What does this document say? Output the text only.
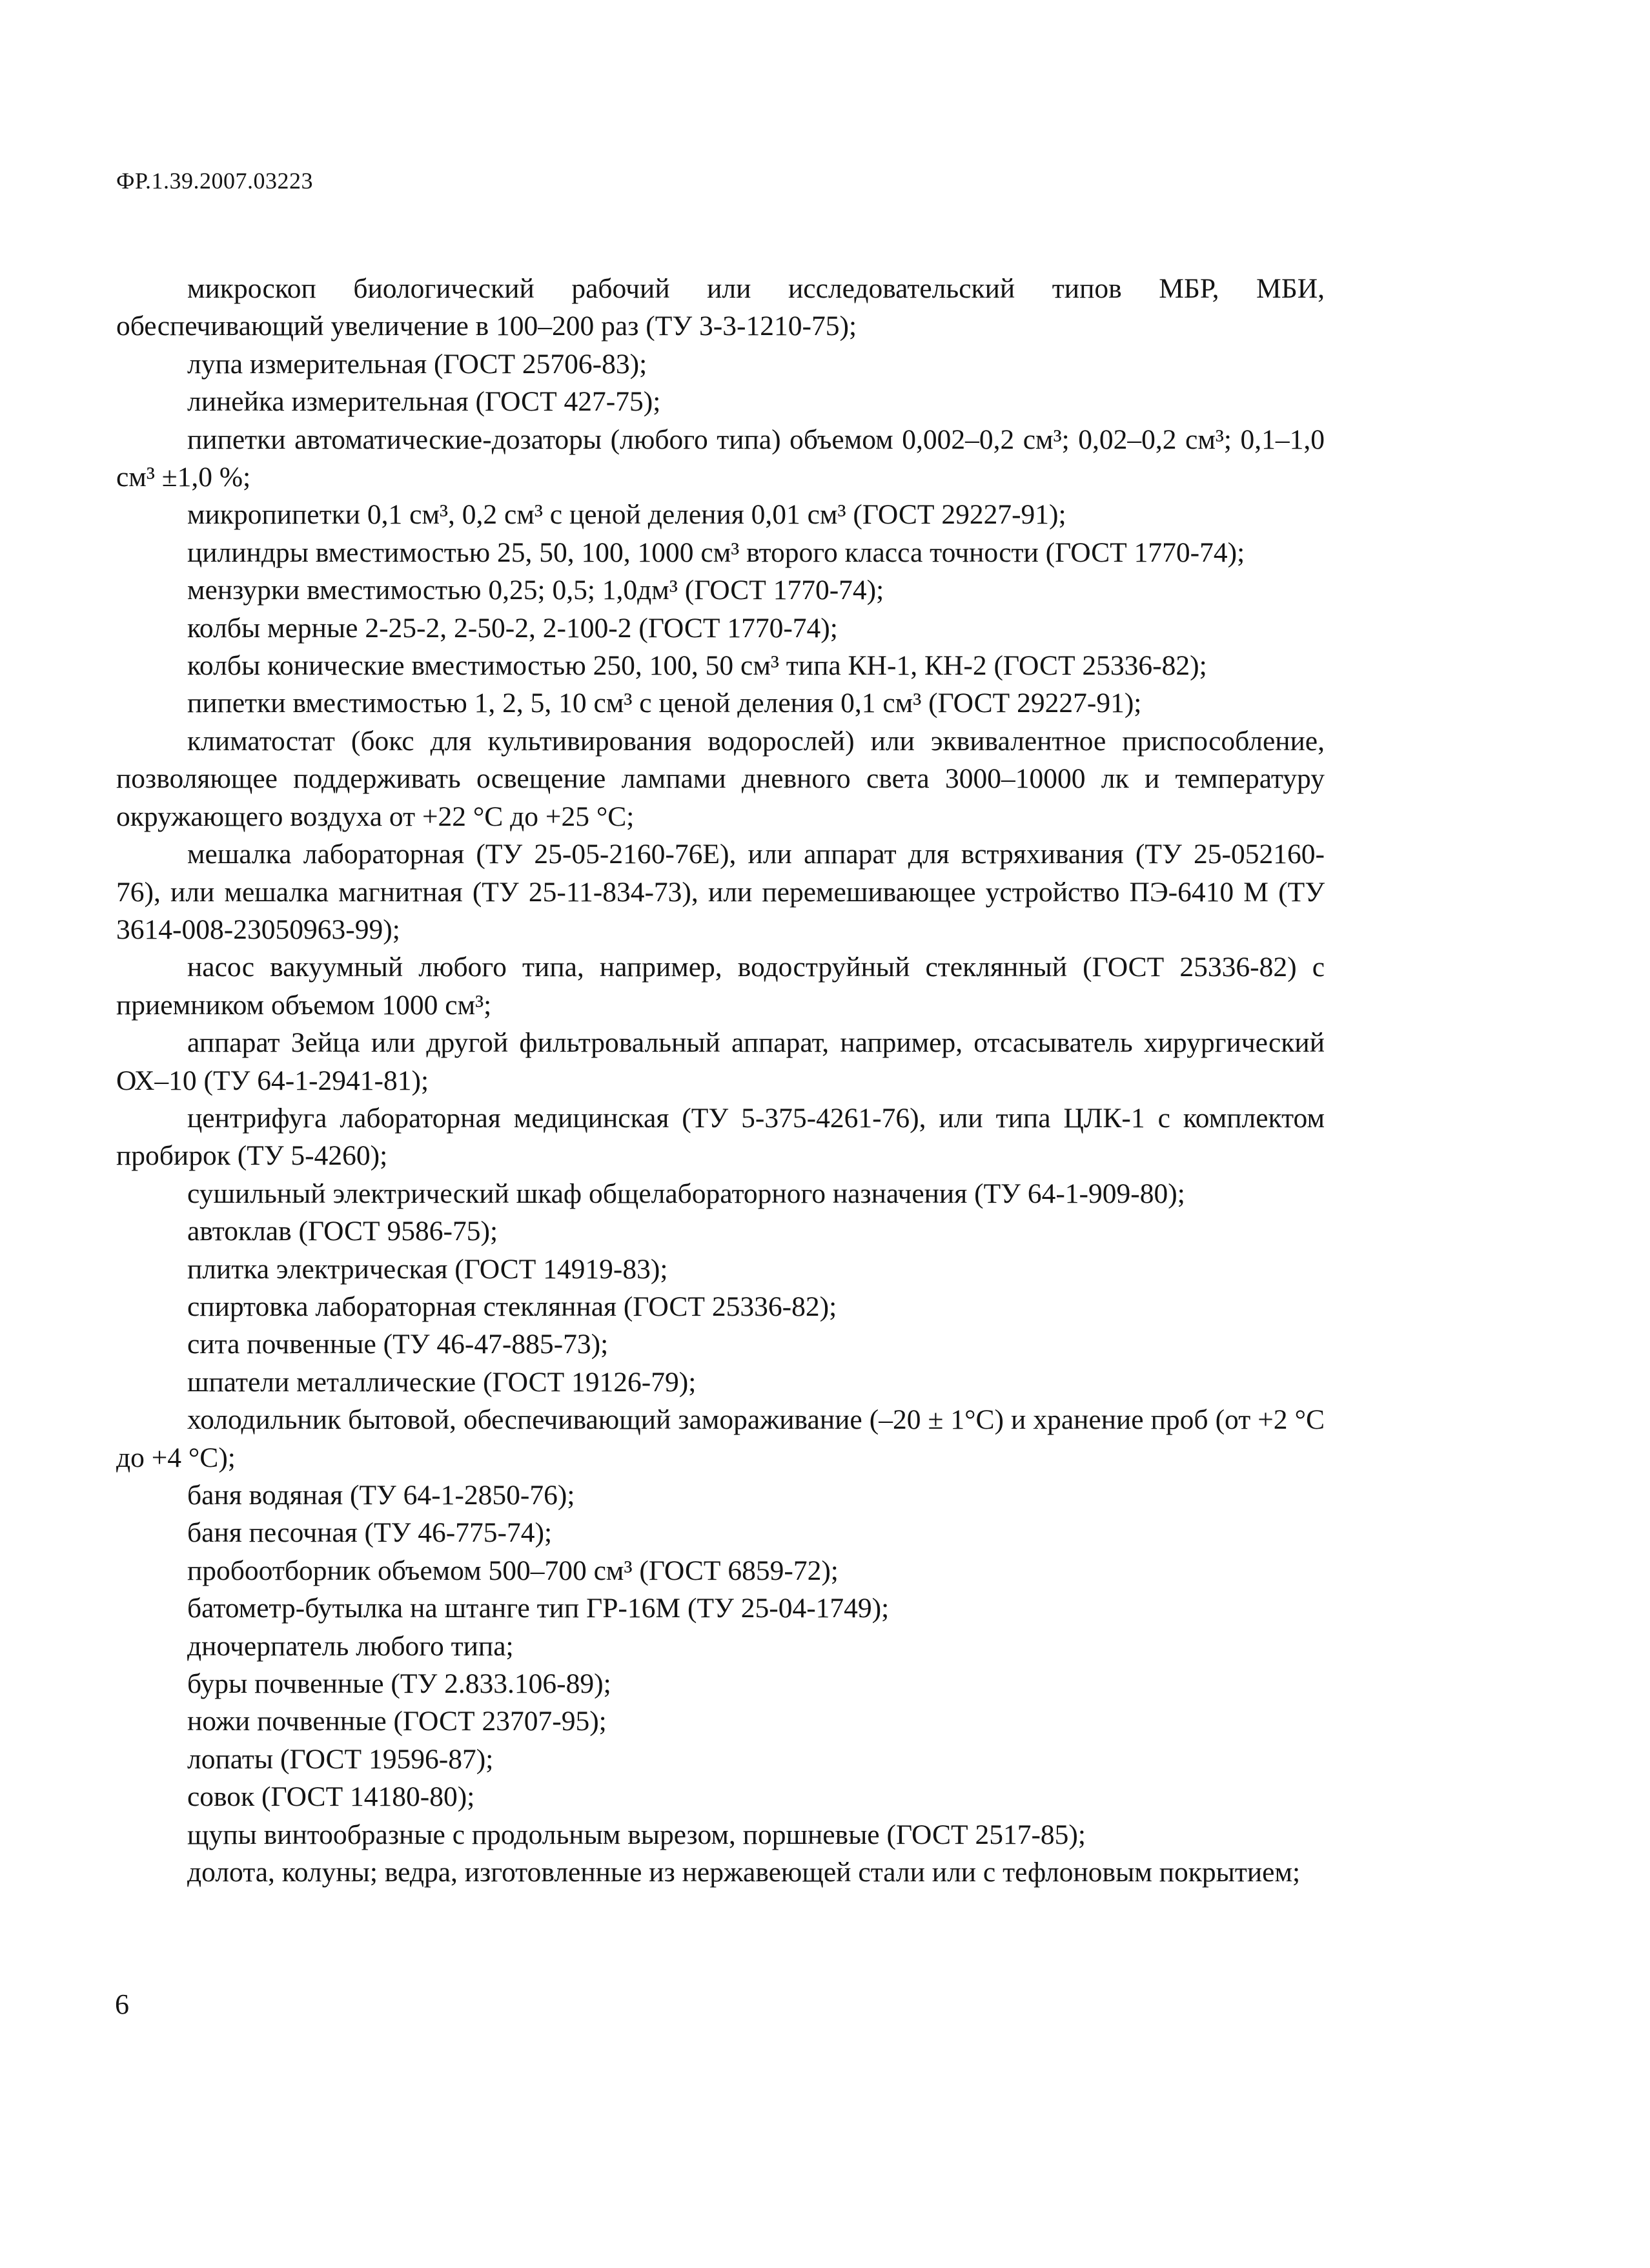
ФР.1.39.2007.03223

микроскоп биологический рабочий или исследовательский типов МБР, МБИ, обеспечивающий увеличение в 100–200 раз (ТУ 3-3-1210-75);

лупа измерительная (ГОСТ 25706-83);

линейка измерительная (ГОСТ 427-75);

пипетки автоматические-дозаторы (любого типа) объемом 0,002–0,2 см³; 0,02–0,2 см³; 0,1–1,0 см³ ±1,0 %;

микропипетки 0,1 см³, 0,2 см³ с ценой деления 0,01 см³ (ГОСТ 29227-91);

цилиндры вместимостью 25, 50, 100, 1000 см³ второго класса точности (ГОСТ 1770-74);

мензурки вместимостью 0,25; 0,5; 1,0дм³ (ГОСТ 1770-74);

колбы мерные 2-25-2, 2-50-2, 2-100-2 (ГОСТ 1770-74);

колбы конические вместимостью 250, 100, 50 см³ типа КН-1, КН-2 (ГОСТ 25336-82);

пипетки вместимостью 1, 2, 5, 10 см³ с ценой деления 0,1 см³ (ГОСТ 29227-91);

климатостат (бокс для культивирования водорослей) или эквивалентное приспособление, позволяющее поддерживать освещение лампами дневного света 3000–10000 лк и температуру окружающего воздуха от +22 °С до +25 °С;

мешалка лабораторная (ТУ 25-05-2160-76Е), или аппарат для встряхивания (ТУ 25-052160-76), или мешалка магнитная (ТУ 25-11-834-73), или перемешивающее устройство ПЭ-6410 М (ТУ 3614-008-23050963-99);

насос вакуумный любого типа, например, водоструйный стеклянный (ГОСТ 25336-82) с приемником объемом 1000 см³;

аппарат Зейца или другой фильтровальный аппарат, например, отсасыватель хирургический ОХ–10 (ТУ 64-1-2941-81);

центрифуга лабораторная медицинская (ТУ 5-375-4261-76), или типа ЦЛК-1 с комплектом пробирок (ТУ 5-4260);

сушильный электрический шкаф общелабораторного назначения (ТУ 64-1-909-80);

автоклав (ГОСТ 9586-75);

плитка электрическая (ГОСТ 14919-83);

спиртовка лабораторная стеклянная (ГОСТ 25336-82);

сита почвенные (ТУ 46-47-885-73);

шпатели металлические (ГОСТ 19126-79);

холодильник бытовой, обеспечивающий замораживание (–20 ± 1°С) и хранение проб (от +2 °С до +4 °С);

баня водяная (ТУ 64-1-2850-76);

баня песочная (ТУ 46-775-74);

пробоотборник объемом 500–700 см³ (ГОСТ 6859-72);

батометр-бутылка на штанге тип ГР-16М (ТУ 25-04-1749);

дночерпатель любого типа;

буры почвенные (ТУ 2.833.106-89);

ножи почвенные (ГОСТ 23707-95);

лопаты (ГОСТ 19596-87);

совок (ГОСТ 14180-80);

щупы винтообразные с продольным вырезом, поршневые (ГОСТ 2517-85);

долота, колуны; ведра, изготовленные из нержавеющей стали или с тефлоновым покрытием;

6
